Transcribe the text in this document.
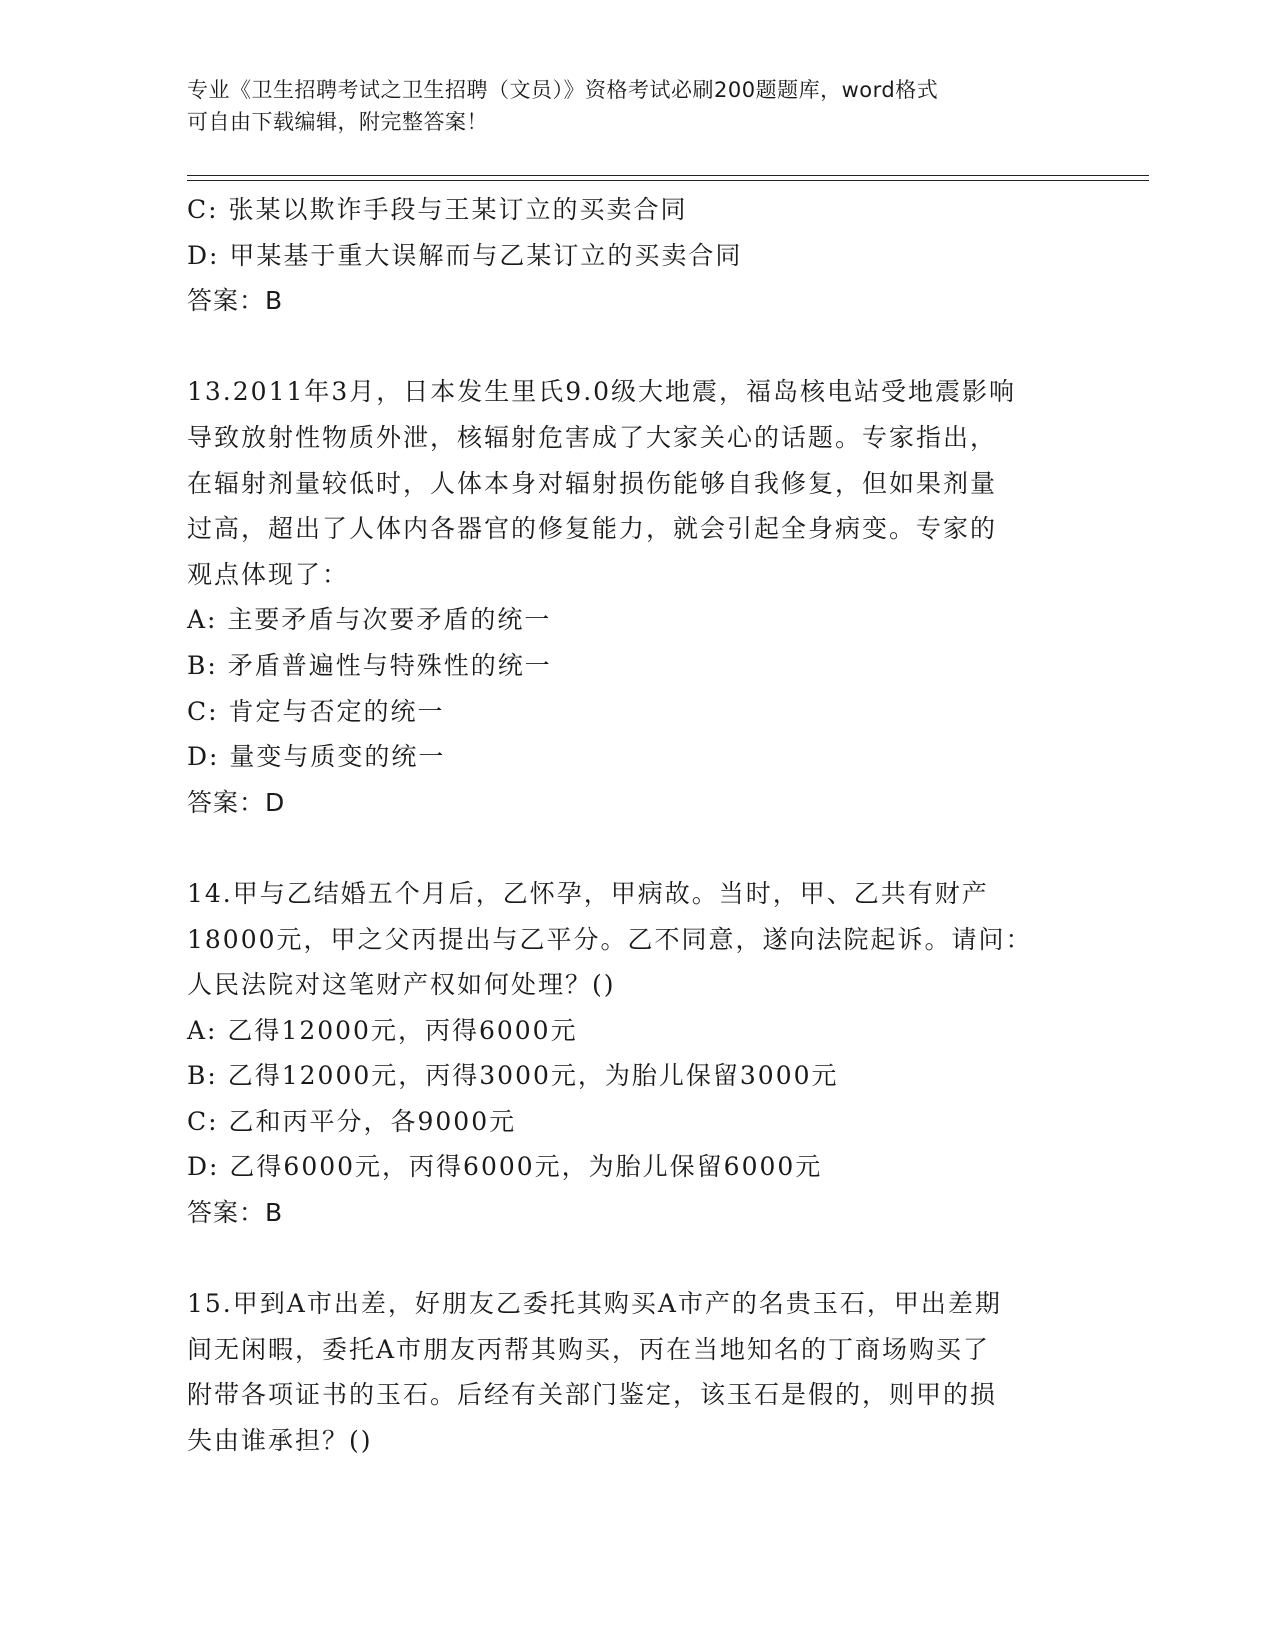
专业《卫生招聘考试之卫生招聘（文员）》资格考试必刷200题题库，word格式
可自由下载编辑，附完整答案！
C: 张某以欺诈手段与王某订立的买卖合同
D: 甲某基于重大误解而与乙某订立的买卖合同
答案：B
13.2011年3月，日本发生里氏9.0级大地震，福岛核电站受地震影响
导致放射性物质外泄，核辐射危害成了大家关心的话题。专家指出，
在辐射剂量较低时，人体本身对辐射损伤能够自我修复，但如果剂量
过高，超出了人体内各器官的修复能力，就会引起全身病变。专家的
观点体现了：
A: 主要矛盾与次要矛盾的统一
B: 矛盾普遍性与特殊性的统一
C: 肯定与否定的统一
D: 量变与质变的统一
答案：D
14.甲与乙结婚五个月后，乙怀孕，甲病故。当时，甲、乙共有财产
18000元，甲之父丙提出与乙平分。乙不同意，遂向法院起诉。请问：
人民法院对这笔财产权如何处理？()
A: 乙得12000元，丙得6000元
B: 乙得12000元，丙得3000元，为胎儿保留3000元
C: 乙和丙平分，各9000元
D: 乙得6000元，丙得6000元，为胎儿保留6000元
答案：B
15.甲到A市出差，好朋友乙委托其购买A市产的名贵玉石，甲出差期
间无闲暇，委托A市朋友丙帮其购买，丙在当地知名的丁商场购买了
附带各项证书的玉石。后经有关部门鉴定，该玉石是假的，则甲的损
失由谁承担？()
